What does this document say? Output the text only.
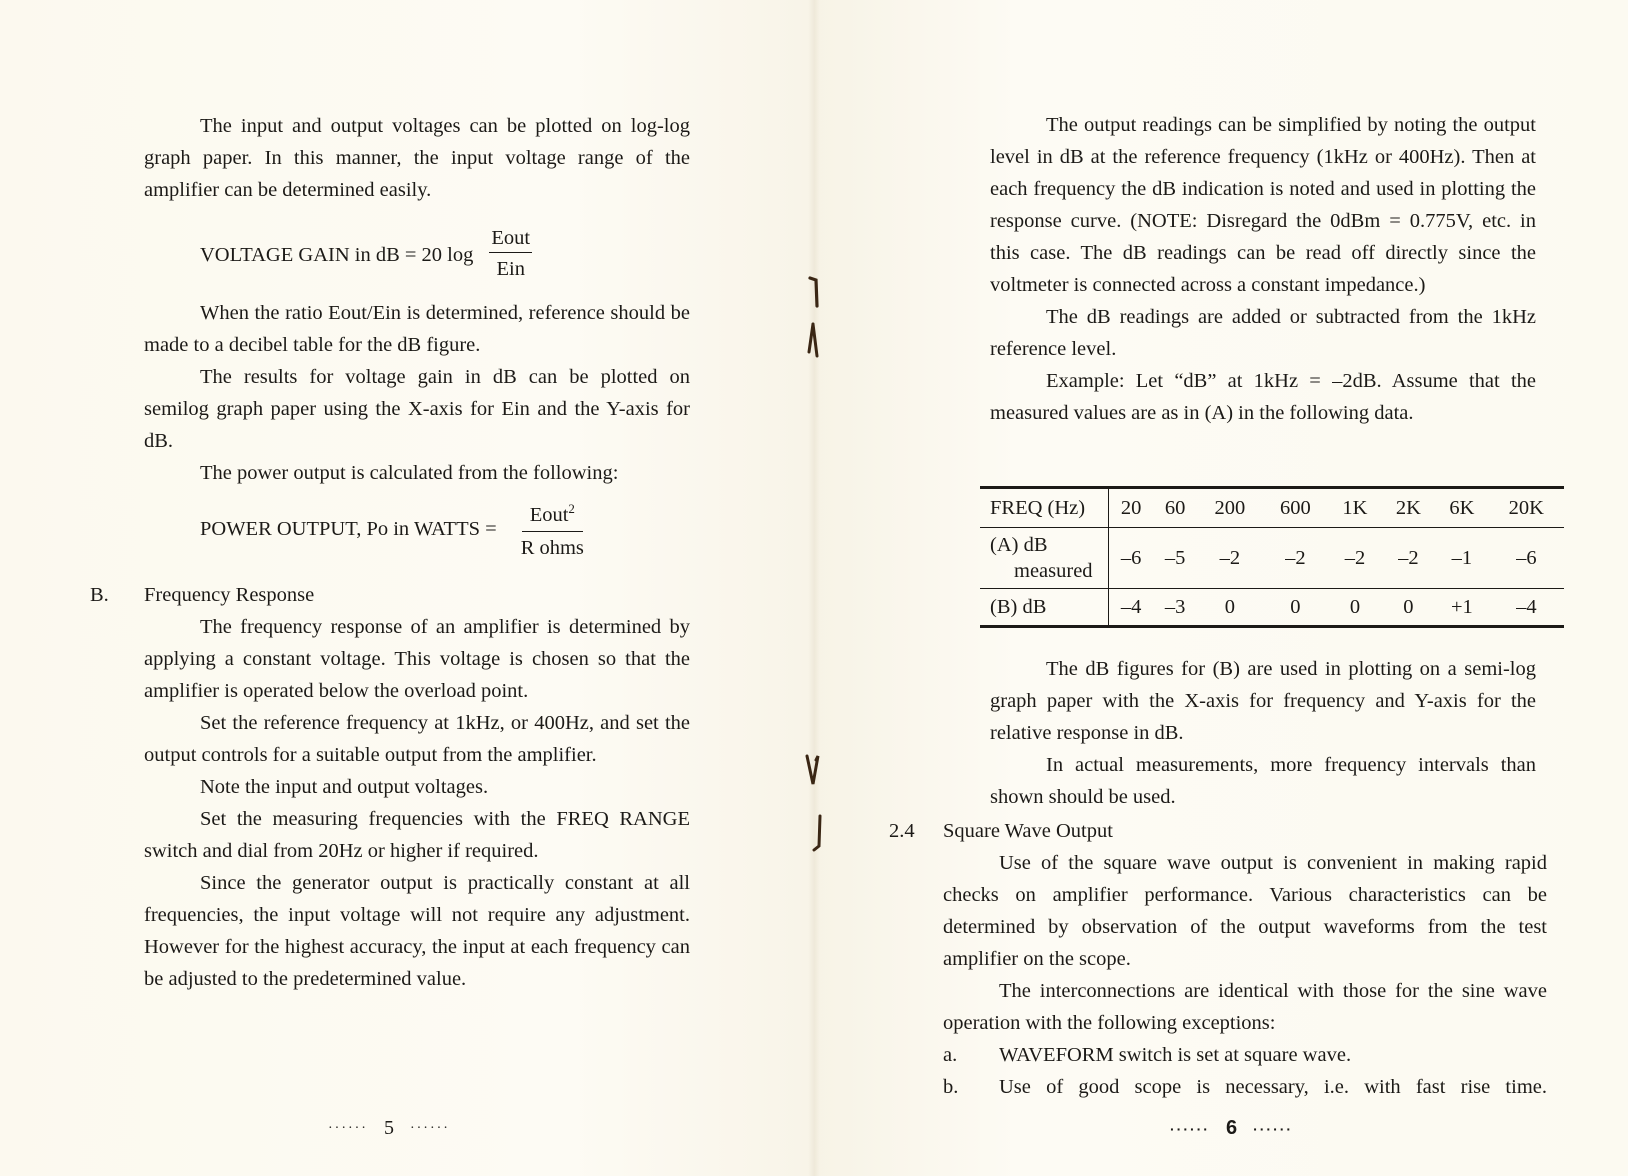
The input and output voltages can be plotted on log-log graph paper. In this manner, the input voltage range of the amplifier can be determined easily.

VOLTAGE GAIN in dB = 20 $\log \frac{\text{Eout}}{\text{Ein}}$

When the ratio Eout/Ein is determined, reference should be made to a decibel table for the dB figure.

The results for voltage gain in dB can be plotted on semilog graph paper using the X-axis for Ein and the Y-axis for dB.

The power output is calculated from the following:

POWER OUTPUT, Po in WATTS = $\frac{Eout^2}{\text{R ohms}}$
B.	Frequency Response

The frequency response of an amplifier is determined by applying a constant voltage. This voltage is chosen so that the amplifier is operated below the overload point.

Set the reference frequency at 1kHz, or 400Hz, and set the output controls for a suitable output from the amplifier.

Note the input and output voltages.

Set the measuring frequencies with the FREQ RANGE switch and dial from 20Hz or higher if required.

Since the generator output is practically constant at all frequencies, the input voltage will not require any adjustment. However for the highest accuracy, the input at each frequency can be adjusted to the predetermined value.

······ 5 ······

The output readings can be simplified by noting the output level in dB at the reference frequency (1kHz or 400Hz). Then at each frequency the dB indication is noted and used in plotting the response curve. (NOTE: Disregard the 0dBm = 0.775V, etc. in this case. The dB readings can be read off directly since the voltmeter is connected across a constant impedance.)

The dB readings are added or subtracted from the 1kHz reference level.

Example: Let “dB” at 1kHz = –2dB. Assume that the measured values are as in (A) in the following data.

FREQ (Hz)	20	60	200	600	1K	2K	6K	20K

(A) dB
measured	–6	–5	–2	–2	–2	–2	–1	–6
(B) dB	–4	–3	0	0	0	0	+1	–4

The dB figures for (B) are used in plotting on a semi-log graph paper with the X-axis for frequency and Y-axis for the relative response in dB.

In actual measurements, more frequency intervals than shown should be used.

2.4	Square Wave Output

Use of the square wave output is convenient in making rapid checks on amplifier performance. Various characteristics can be determined by observation of the output waveforms from the test amplifier on the scope.

The interconnections are identical with those for the sine wave operation with the following exceptions:

a.	WAVEFORM switch is set at square wave.
b.	Use of good scope is necessary, i.e. with fast rise time.
······ 6 ······
